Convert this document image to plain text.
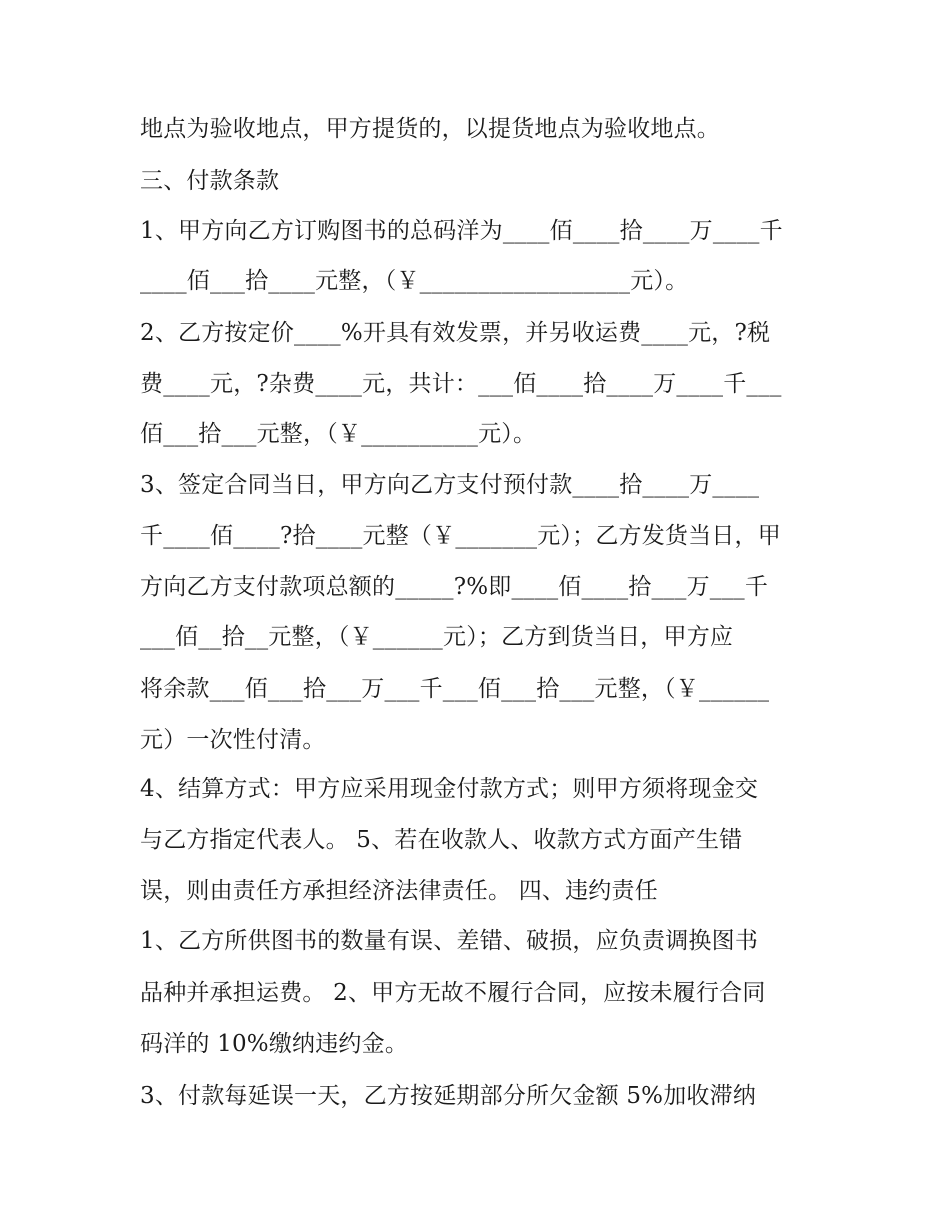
地点为验收地点，甲方提货的，以提货地点为验收地点。
三、付款条款
1、甲方向乙方订购图书的总码洋为____佰____拾____万____千
____佰___拾____元整，（￥__________________元）。
2、乙方按定价____%开具有效发票，并另收运费____元，?税
费____元，?杂费____元，共计：___佰____拾____万____千___
佰___拾___元整，（￥__________元）。
3、签定合同当日，甲方向乙方支付预付款____拾____万____
千____佰____?拾____元整（￥_______元）；乙方发货当日，甲
方向乙方支付款项总额的_____?%即____佰____拾___万___千
___佰__拾__元整，（￥______元）；乙方到货当日，甲方应
将余款___佰___拾___万___千___佰___拾___元整，（￥______
元）一次性付清。
4、结算方式：甲方应采用现金付款方式；则甲方须将现金交
与乙方指定代表人。 5、若在收款人、收款方式方面产生错
误，则由责任方承担经济法律责任。 四、违约责任
1、乙方所供图书的数量有误、差错、破损，应负责调换图书
品种并承担运费。 2、甲方无故不履行合同，应按未履行合同
码洋的 10%缴纳违约金。
3、付款每延误一天，乙方按延期部分所欠金额 5%加收滞纳
